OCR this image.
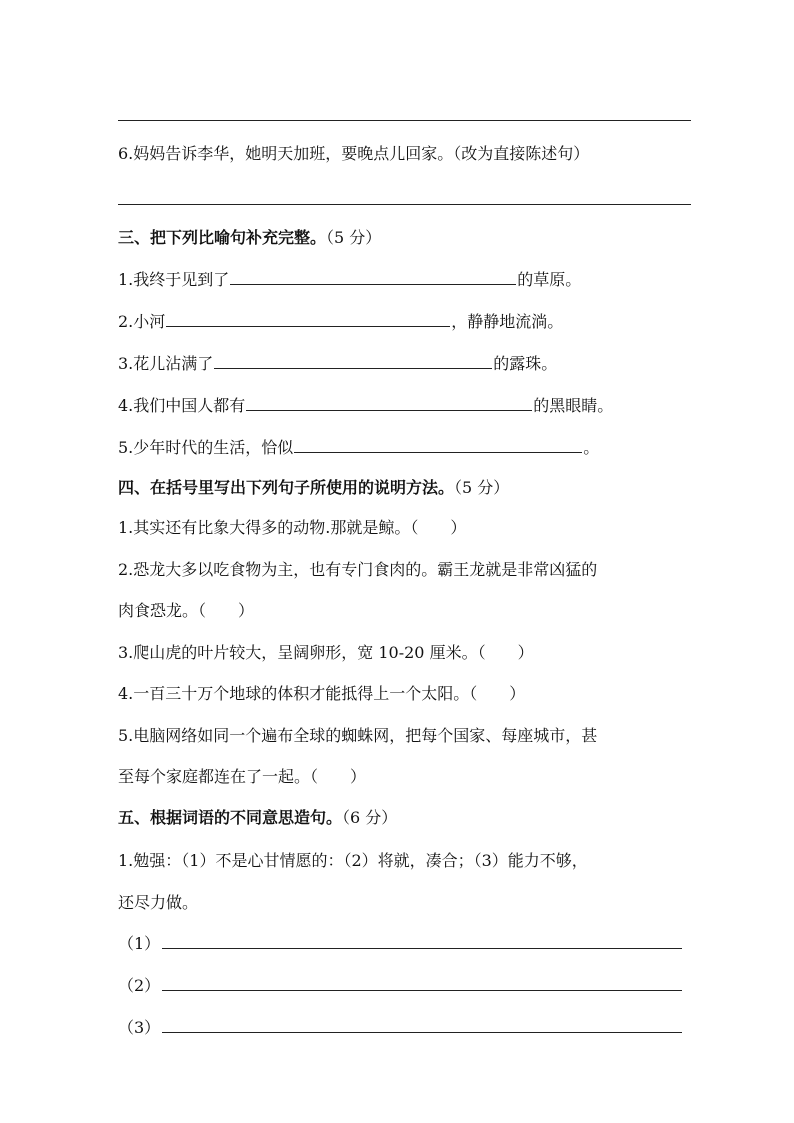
6.妈妈告诉李华，她明天加班，要晚点儿回家。（改为直接陈述句）
三、把下列比喻句补充完整。（5 分）
1.我终于见到了	的草原。
2.小河	，静静地流淌。
3.花儿沾满了	的露珠。
4.我们中国人都有	的黑眼睛。
5.少年时代的生活，恰似	。
四、在括号里写出下列句子所使用的说明方法。（5 分）
1.其实还有比象大得多的动物.那就是鲸。（　　）
2.恐龙大多以吃食物为主，也有专门食肉的。霸王龙就是非常凶猛的
肉食恐龙。（　　）
3.爬山虎的叶片较大，呈阔卵形，宽 10-20 厘米。（　　）
4.一百三十万个地球的体积才能抵得上一个太阳。（　　）
5.电脑网络如同一个遍布全球的蜘蛛网，把每个国家、每座城市，甚
至每个家庭都连在了一起。（　　）
五、根据词语的不同意思造句。（6 分）
1.勉强：（1）不是心甘情愿的：（2）将就，凑合；（3）能力不够，
还尽力做。
（1）
（2）
（3）
